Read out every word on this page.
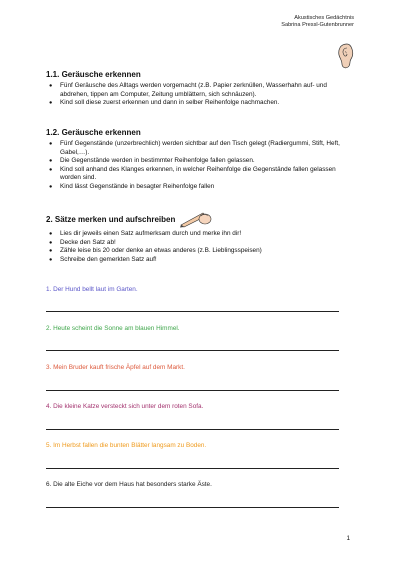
Akustisches Gedächtnis
Sabrina Pressl-Gutenbrunner
1.1. Geräusche erkennen
● Fünf Geräusche des Alltags werden vorgemacht (z.B. Papier zerknüllen, Wasserhahn auf- und abdrehen, tippen am Computer, Zeitung umblättern, sich schnäuzen).
● Kind soll diese zuerst erkennen und dann in selber Reihenfolge nachmachen.
1.2. Geräusche erkennen
● Fünf Gegenstände (unzerbrechlich) werden sichtbar auf den Tisch gelegt (Radiergummi, Stift, Heft, Gabel,…).
● Die Gegenstände werden in bestimmter Reihenfolge fallen gelassen.
● Kind soll anhand des Klanges erkennen, in welcher Reihenfolge die Gegenstände fallen gelassen worden sind.
● Kind lässt Gegenstände in besagter Reihenfolge fallen
2. Sätze merken und aufschreiben
● Lies dir jeweils einen Satz aufmerksam durch und merke ihn dir!
● Decke den Satz ab!
● Zähle leise bis 20 oder denke an etwas anderes (z.B. Lieblingsspeisen)
● Schreibe den gemerkten Satz auf!
1. Der Hund bellt laut im Garten.
2. Heute scheint die Sonne am blauen Himmel.
3. Mein Bruder kauft frische Äpfel auf dem Markt.
4. Die kleine Katze versteckt sich unter dem roten Sofa.
5. Im Herbst fallen die bunten Blätter langsam zu Boden.
6. Die alte Eiche vor dem Haus hat besonders starke Äste.
1
